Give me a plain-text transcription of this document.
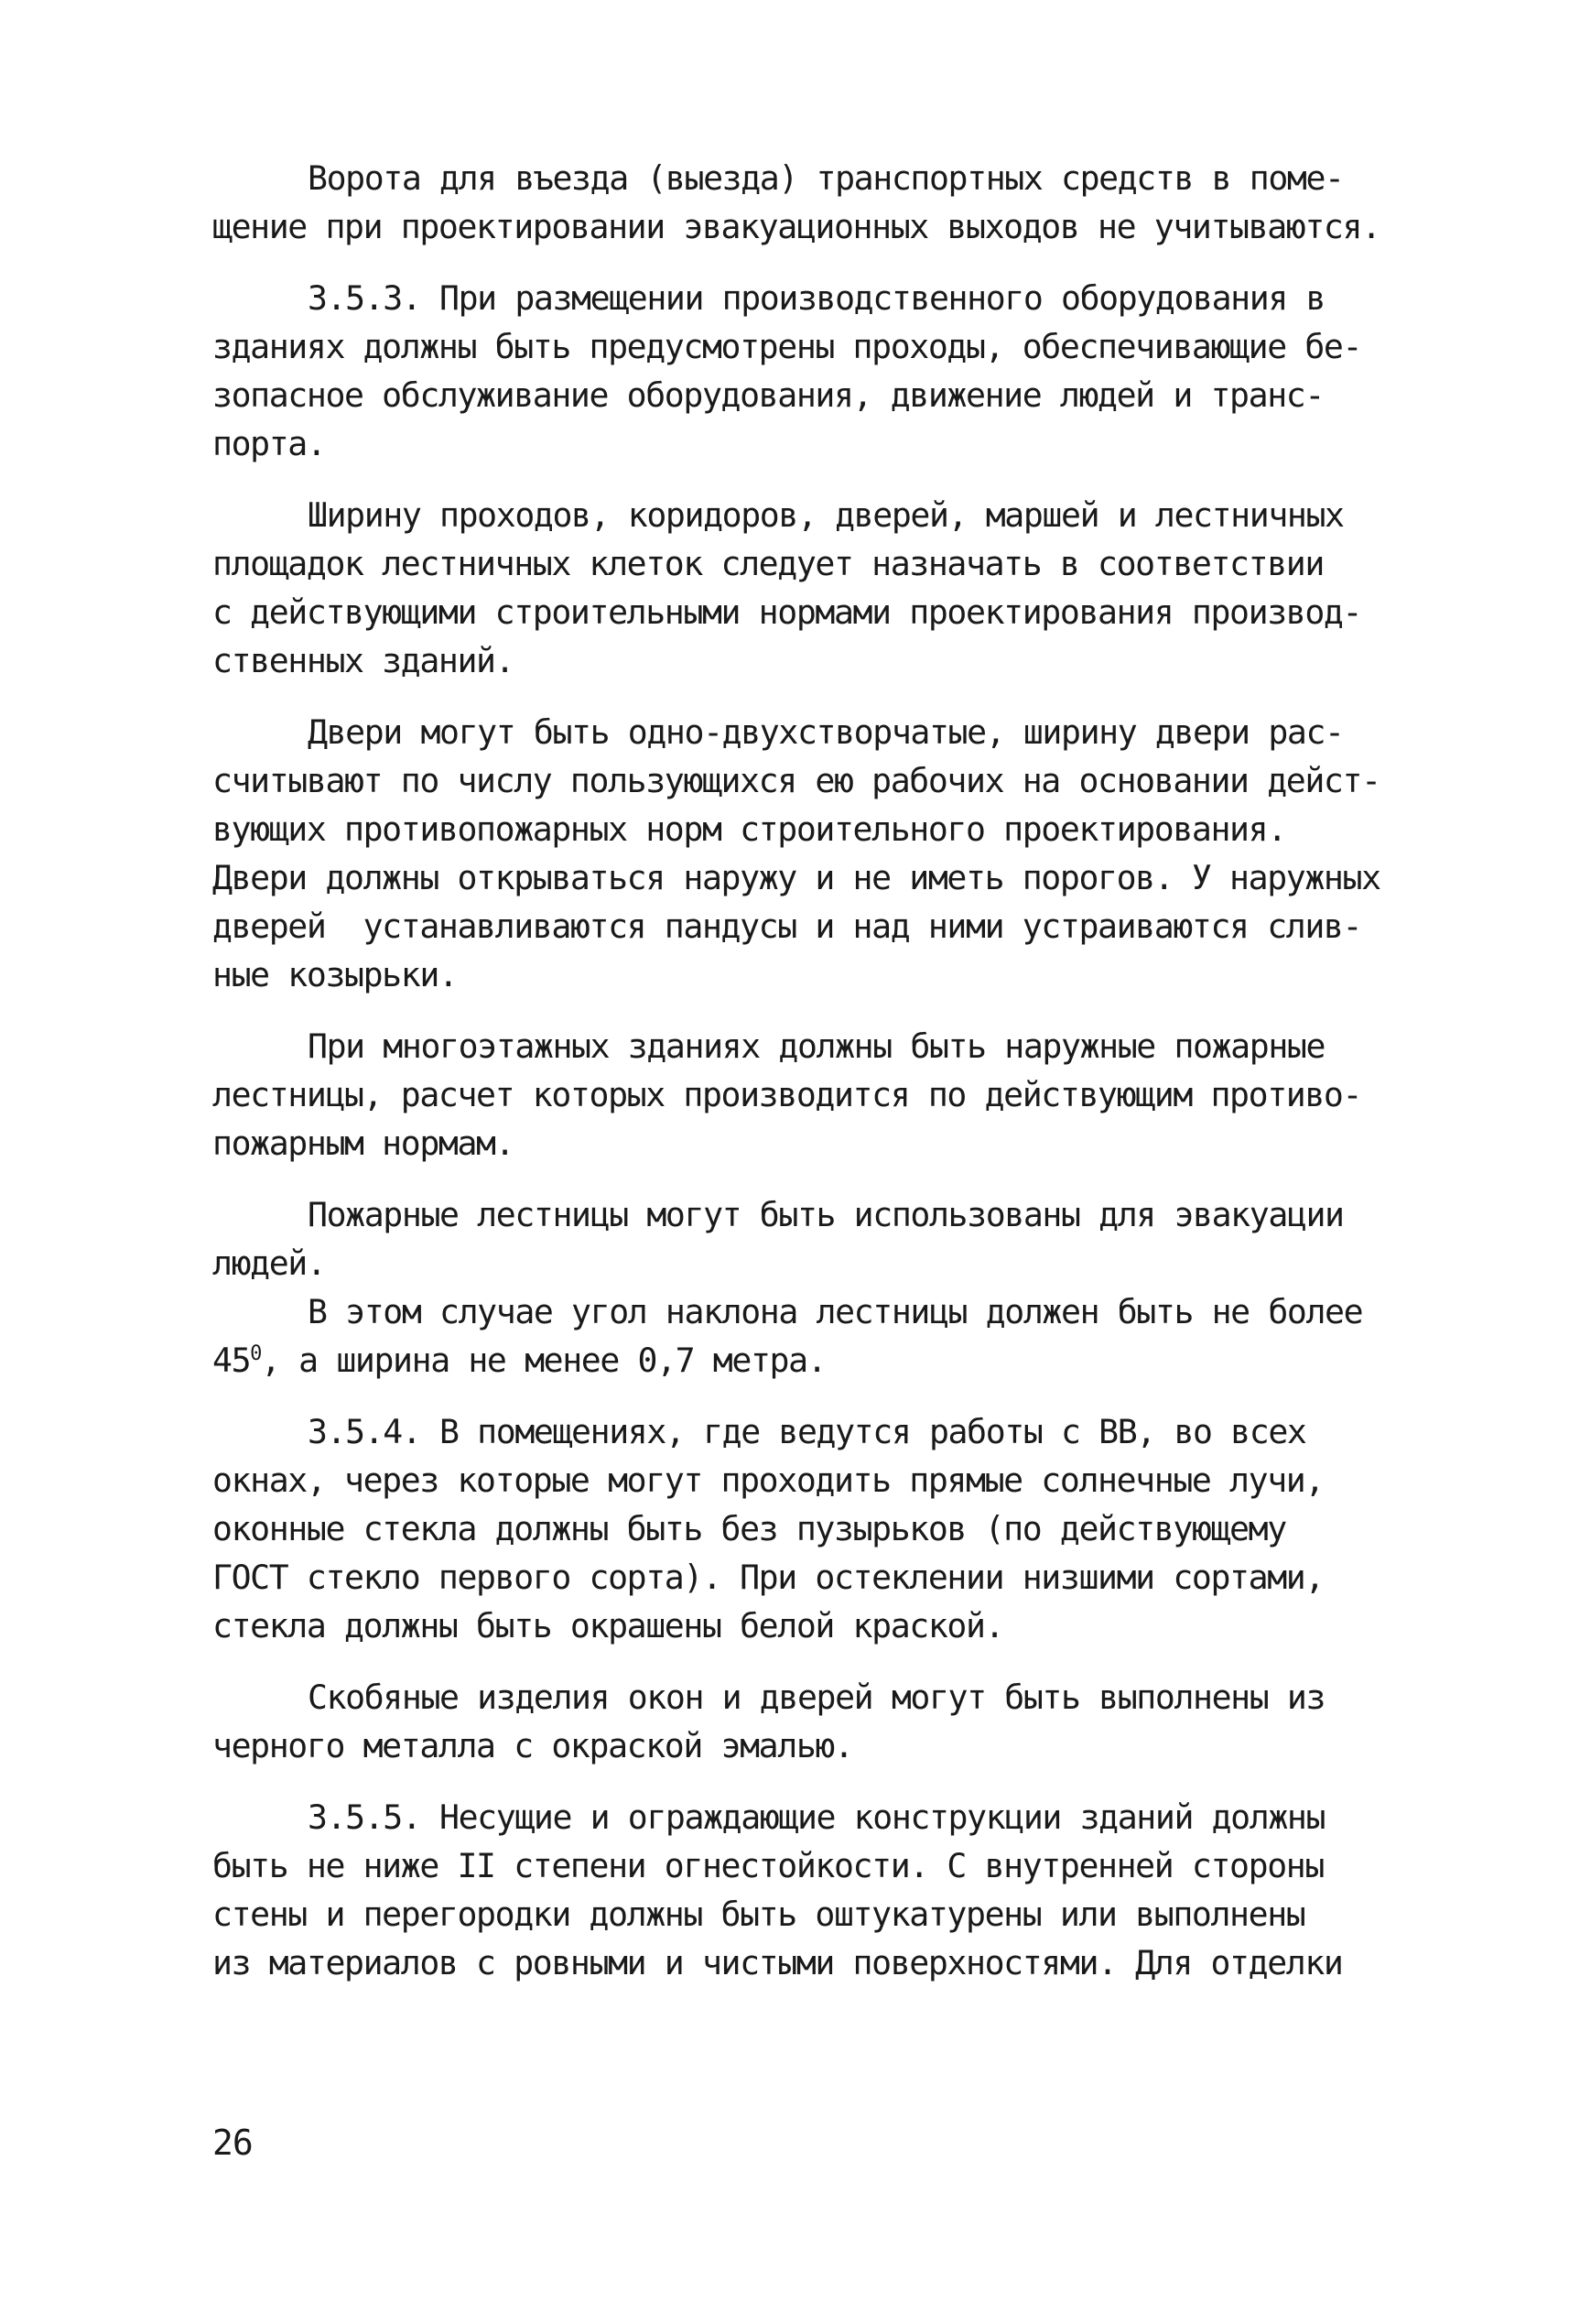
Ворота для въезда (выезда) транспортных средств в поме-
щение при проектировании эвакуационных выходов не учитываются.

3.5.3. При размещении производственного оборудования в
зданиях должны быть предусмотрены проходы, обеспечивающие бе-
зопасное обслуживание оборудования, движение людей и транс-
порта.

Ширину проходов, коридоров, дверей, маршей и лестничных
площадок лестничных клеток следует назначать в соответствии
с действующими строительными нормами проектирования производ-
ственных зданий.

Двери могут быть одно-двухстворчатые, ширину двери рас-
считывают по числу пользующихся ею рабочих на основании дейст-
вующих противопожарных норм строительного проектирования.
Двери должны открываться наружу и не иметь порогов. У наружных
дверей  устанавливаются пандусы и над ними устраиваются слив-
ные козырьки.

При многоэтажных зданиях должны быть наружные пожарные
лестницы, расчет которых производится по действующим противо-
пожарным нормам.

Пожарные лестницы могут быть использованы для эвакуации
людей.

В этом случае угол наклона лестницы должен быть не более
$45^0$, а ширина не менее 0,7 метра.

3.5.4. В помещениях, где ведутся работы с ВВ, во всех
окнах, через которые могут проходить прямые солнечные лучи,
оконные стекла должны быть без пузырьков (по действующему
ГОСТ стекло первого сорта). При остеклении низшими сортами,
стекла должны быть окрашены белой краской.

Скобяные изделия окон и дверей могут быть выполнены из
черного металла с окраской эмалью.

3.5.5. Несущие и ограждающие конструкции зданий должны
быть не ниже II степени огнестойкости. С внутренней стороны
стены и перегородки должны быть оштукатурены или выполнены
из материалов с ровными и чистыми поверхностями. Для отделки

26
